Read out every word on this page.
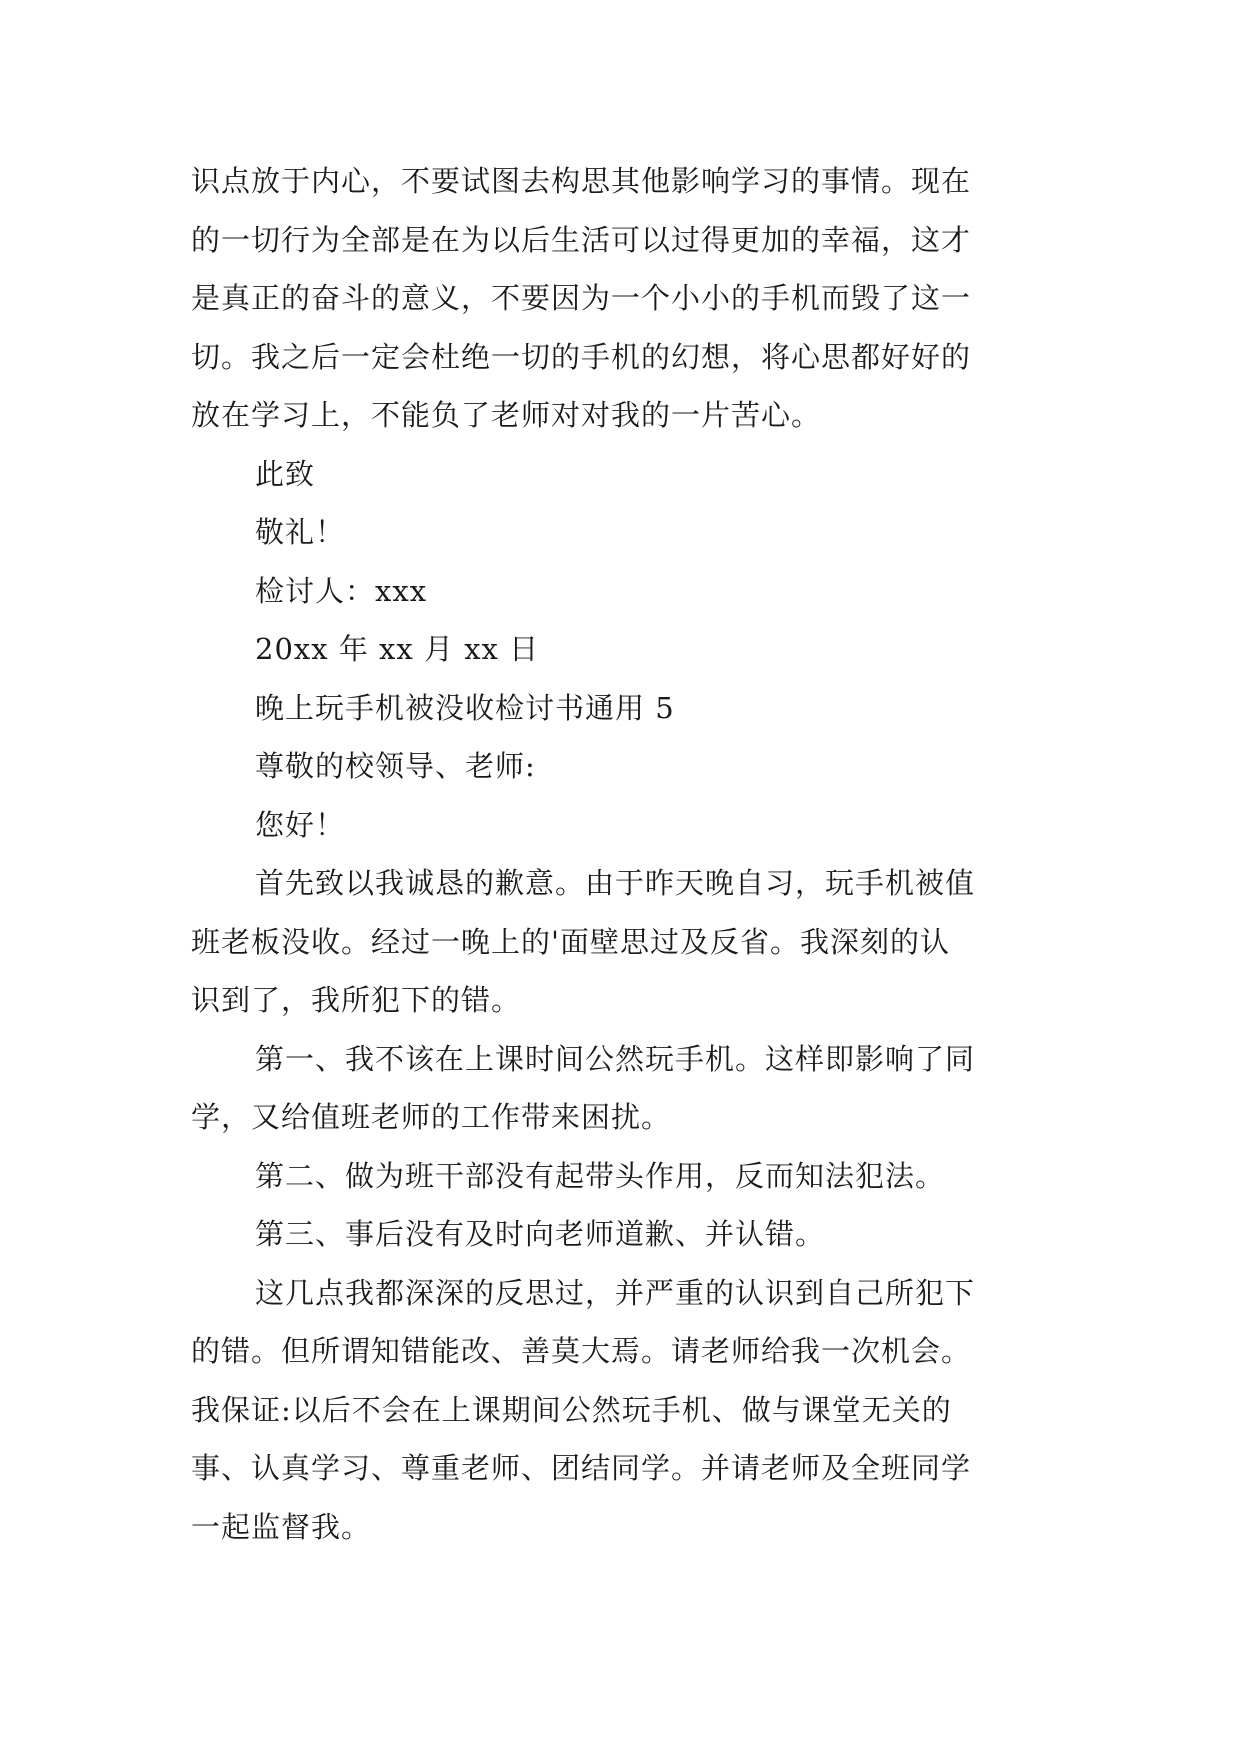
识点放于内心，不要试图去构思其他影响学习的事情。现在
的一切行为全部是在为以后生活可以过得更加的幸福，这才
是真正的奋斗的意义，不要因为一个小小的手机而毁了这一
切。我之后一定会杜绝一切的手机的幻想，将心思都好好的
放在学习上，不能负了老师对对我的一片苦心。

此致

敬礼！

检讨人：xxx

20xx 年 xx 月 xx 日

晚上玩手机被没收检讨书通用 5

尊敬的校领导、老师:

您好！

首先致以我诚恳的歉意。由于昨天晚自习，玩手机被值
班老板没收。经过一晚上的'面壁思过及反省。我深刻的认
识到了，我所犯下的错。

第一、我不该在上课时间公然玩手机。这样即影响了同
学，又给值班老师的工作带来困扰。

第二、做为班干部没有起带头作用，反而知法犯法。

第三、事后没有及时向老师道歉、并认错。

这几点我都深深的反思过，并严重的认识到自己所犯下
的错。但所谓知错能改、善莫大焉。请老师给我一次机会。
我保证:以后不会在上课期间公然玩手机、做与课堂无关的
事、认真学习、尊重老师、团结同学。并请老师及全班同学
一起监督我。
